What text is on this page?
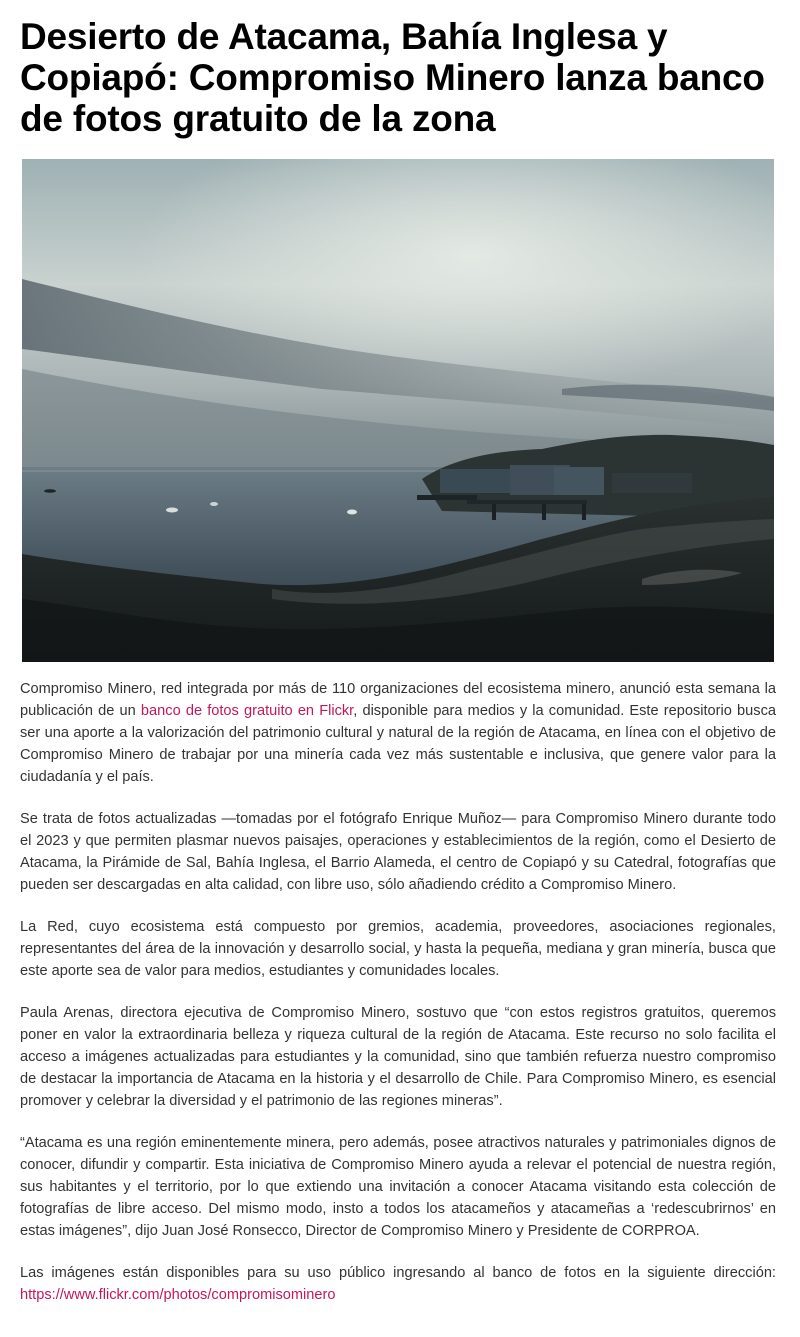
Desierto de Atacama, Bahía Inglesa y Copiapó: Compromiso Minero lanza banco de fotos gratuito de la zona

Compromiso Minero, red integrada por más de 110 organizaciones del ecosistema minero, anunció esta semana la publicación de un banco de fotos gratuito en Flickr, disponible para medios y la comunidad. Este repositorio busca ser una aporte a la valorización del patrimonio cultural y natural de la región de Atacama, en línea con el objetivo de Compromiso Minero de trabajar por una minería cada vez más sustentable e inclusiva, que genere valor para la ciudadanía y el país.

Se trata de fotos actualizadas —tomadas por el fotógrafo Enrique Muñoz— para Compromiso Minero durante todo el 2023 y que permiten plasmar nuevos paisajes, operaciones y establecimientos de la región, como el Desierto de Atacama, la Pirámide de Sal, Bahía Inglesa, el Barrio Alameda, el centro de Copiapó y su Catedral, fotografías que pueden ser descargadas en alta calidad, con libre uso, sólo añadiendo crédito a Compromiso Minero.

La Red, cuyo ecosistema está compuesto por gremios, academia, proveedores, asociaciones regionales, representantes del área de la innovación y desarrollo social, y hasta la pequeña, mediana y gran minería, busca que este aporte sea de valor para medios, estudiantes y comunidades locales.

Paula Arenas, directora ejecutiva de Compromiso Minero, sostuvo que “con estos registros gratuitos, queremos poner en valor la extraordinaria belleza y riqueza cultural de la región de Atacama. Este recurso no solo facilita el acceso a imágenes actualizadas para estudiantes y la comunidad, sino que también refuerza nuestro compromiso de destacar la importancia de Atacama en la historia y el desarrollo de Chile. Para Compromiso Minero, es esencial promover y celebrar la diversidad y el patrimonio de las regiones mineras”.

“Atacama es una región eminentemente minera, pero además, posee atractivos naturales y patrimoniales dignos de conocer, difundir y compartir. Esta iniciativa de Compromiso Minero ayuda a relevar el potencial de nuestra región, sus habitantes y el territorio, por lo que extiendo una invitación a conocer Atacama visitando esta colección de fotografías de libre acceso. Del mismo modo, insto a todos los atacameños y atacameñas a ‘redescubrirnos’ en estas imágenes”, dijo Juan José Ronsecco, Director de Compromiso Minero y Presidente de CORPROA.

Las imágenes están disponibles para su uso público ingresando al banco de fotos en la siguiente dirección: https://www.flickr.com/photos/compromisominero
